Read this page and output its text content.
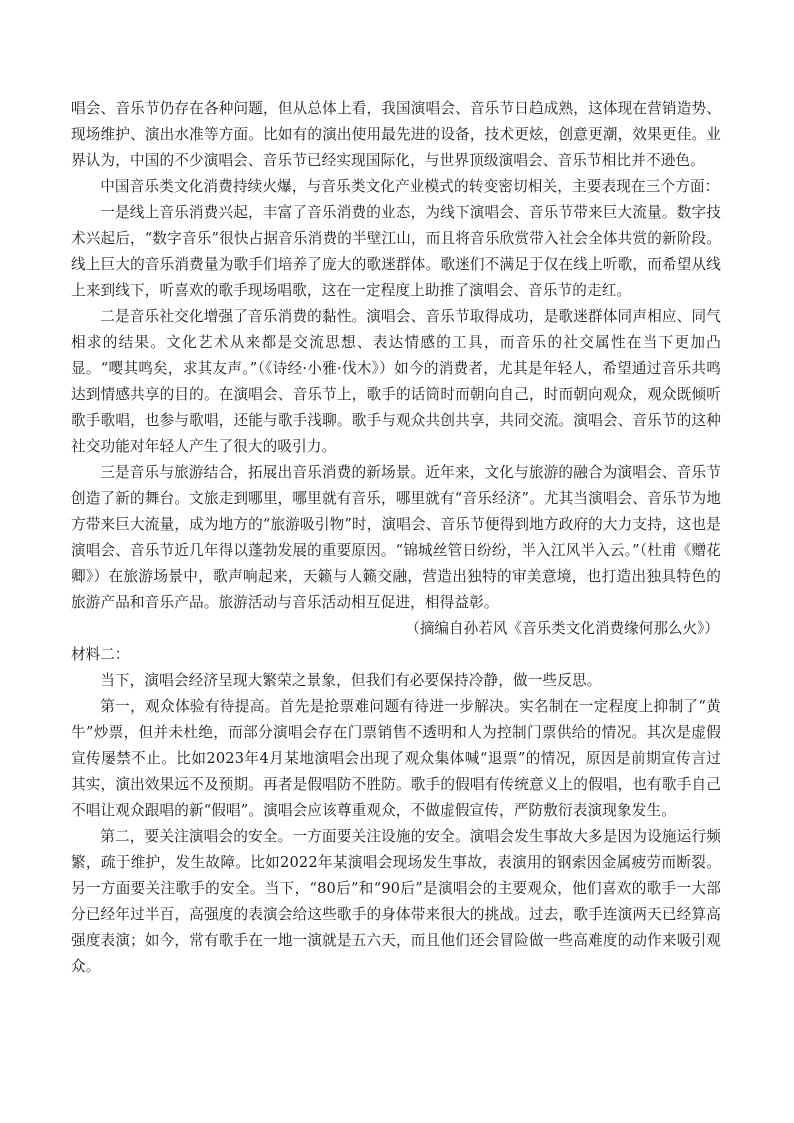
唱会、音乐节仍存在各种问题，但从总体上看，我国演唱会、音乐节日趋成熟，这体现在营销造势、现场维护、演出水准等方面。比如有的演出使用最先进的设备，技术更炫，创意更潮，效果更佳。业界认为，中国的不少演唱会、音乐节已经实现国际化，与世界顶级演唱会、音乐节相比并不逊色。

中国音乐类文化消费持续火爆，与音乐类文化产业模式的转变密切相关，主要表现在三个方面：

一是线上音乐消费兴起，丰富了音乐消费的业态，为线下演唱会、音乐节带来巨大流量。数字技术兴起后，“数字音乐”很快占据音乐消费的半壁江山，而且将音乐欣赏带入社会全体共赏的新阶段。线上巨大的音乐消费量为歌手们培养了庞大的歌迷群体。歌迷们不满足于仅在线上听歌，而希望从线上来到线下，听喜欢的歌手现场唱歌，这在一定程度上助推了演唱会、音乐节的走红。

二是音乐社交化增强了音乐消费的黏性。演唱会、音乐节取得成功，是歌迷群体同声相应、同气相求的结果。文化艺术从来都是交流思想、表达情感的工具，而音乐的社交属性在当下更加凸显。“嘤其鸣矣，求其友声。”（《诗经·小雅·伐木》）如今的消费者，尤其是年轻人，希望通过音乐共鸣达到情感共享的目的。在演唱会、音乐节上，歌手的话筒时而朝向自己，时而朝向观众，观众既倾听歌手歌唱，也参与歌唱，还能与歌手浅聊。歌手与观众共创共享，共同交流。演唱会、音乐节的这种社交功能对年轻人产生了很大的吸引力。

三是音乐与旅游结合，拓展出音乐消费的新场景。近年来，文化与旅游的融合为演唱会、音乐节创造了新的舞台。文旅走到哪里，哪里就有音乐，哪里就有“音乐经济”。尤其当演唱会、音乐节为地方带来巨大流量，成为地方的“旅游吸引物”时，演唱会、音乐节便得到地方政府的大力支持，这也是演唱会、音乐节近几年得以蓬勃发展的重要原因。“锦城丝管日纷纷，半入江风半入云。”（杜甫《赠花卿》）在旅游场景中，歌声响起来，天籁与人籁交融，营造出独特的审美意境，也打造出独具特色的旅游产品和音乐产品。旅游活动与音乐活动相互促进，相得益彰。

（摘编自孙若风《音乐类文化消费缘何那么火》）

材料二：

当下，演唱会经济呈现大繁荣之景象，但我们有必要保持冷静，做一些反思。

第一，观众体验有待提高。首先是抢票难问题有待进一步解决。实名制在一定程度上抑制了“黄牛”炒票，但并未杜绝，而部分演唱会存在门票销售不透明和人为控制门票供给的情况。其次是虚假宣传屡禁不止。比如2023年4月某地演唱会出现了观众集体喊“退票”的情况，原因是前期宣传言过其实，演出效果远不及预期。再者是假唱防不胜防。歌手的假唱有传统意义上的假唱，也有歌手自己不唱让观众跟唱的新“假唱”。演唱会应该尊重观众，不做虚假宣传，严防敷衍表演现象发生。

第二，要关注演唱会的安全。一方面要关注设施的安全。演唱会发生事故大多是因为设施运行频繁，疏于维护，发生故障。比如2022年某演唱会现场发生事故，表演用的钢索因金属疲劳而断裂。另一方面要关注歌手的安全。当下，“80后”和“90后”是演唱会的主要观众，他们喜欢的歌手一大部分已经年过半百，高强度的表演会给这些歌手的身体带来很大的挑战。过去，歌手连演两天已经算高强度表演；如今，常有歌手在一地一演就是五六天，而且他们还会冒险做一些高难度的动作来吸引观众。
